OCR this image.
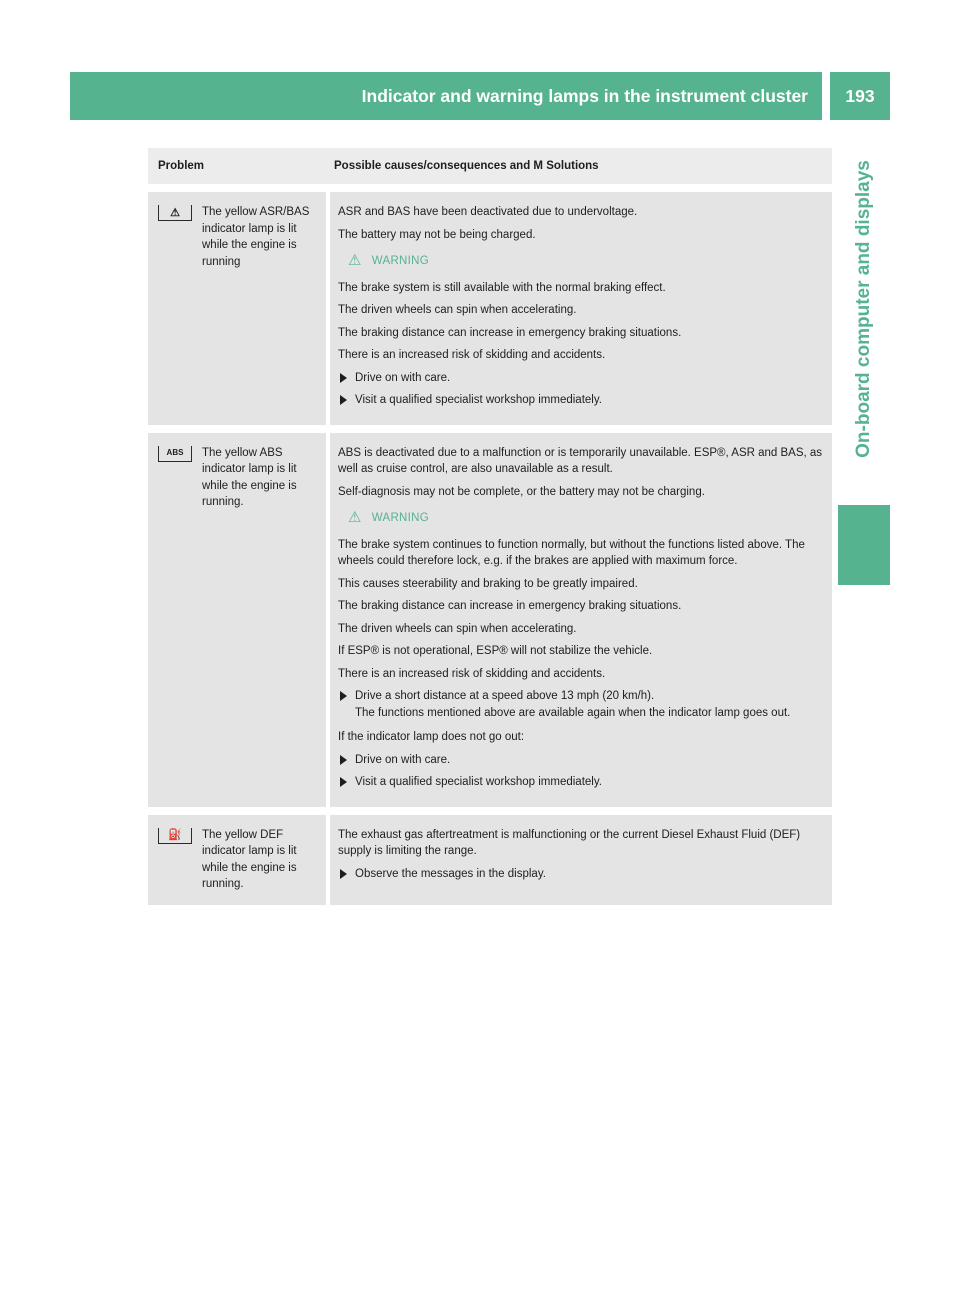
Indicator and warning lamps in the instrument cluster	193
On-board computer and displays
Problem	Possible causes/consequences and M Solutions
⚠ The yellow ASR/BAS indicator lamp is lit while the engine is running
ASR and BAS have been deactivated due to undervoltage.
The battery may not be being charged.
⚠ WARNING
The brake system is still available with the normal braking effect.
The driven wheels can spin when accelerating.
The braking distance can increase in emergency braking situations.
There is an increased risk of skidding and accidents.
Drive on with care.
Visit a qualified specialist workshop immediately.
ABS The yellow ABS indicator lamp is lit while the engine is running.
ABS is deactivated due to a malfunction or is temporarily unavailable. ESP®, ASR and BAS, as well as cruise control, are also unavailable as a result.
Self-diagnosis may not be complete, or the battery may not be charging.
⚠ WARNING
The brake system continues to function normally, but without the functions listed above. The wheels could therefore lock, e.g. if the brakes are applied with maximum force.
This causes steerability and braking to be greatly impaired.
The braking distance can increase in emergency braking situations.
The driven wheels can spin when accelerating.
If ESP® is not operational, ESP® will not stabilize the vehicle.
There is an increased risk of skidding and accidents.
Drive a short distance at a speed above 13 mph (20 km/h).
The functions mentioned above are available again when the indicator lamp goes out.
If the indicator lamp does not go out:
Drive on with care.
Visit a qualified specialist workshop immediately.
⛽ The yellow DEF indicator lamp is lit while the engine is running.
The exhaust gas aftertreatment is malfunctioning or the current Diesel Exhaust Fluid (DEF) supply is limiting the range.
Observe the messages in the display.
